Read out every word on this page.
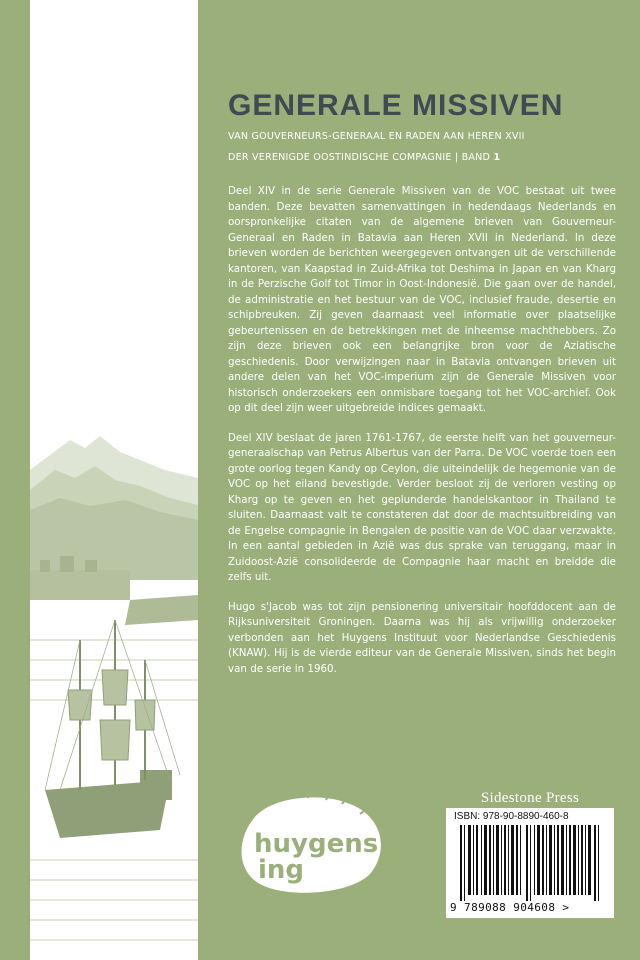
GENERALE MISSIVEN
VAN GOUVERNEURS-GENERAAL EN RADEN AAN HEREN XVII
DER VERENIGDE OOSTINDISCHE COMPAGNIE | BAND 1

Deel XIV in de serie Generale Missiven van de VOC bestaat uit twee banden. Deze bevatten samenvattingen in hedendaags Nederlands en oorspronkelijke citaten van de algemene brieven van Gouverneur-Generaal en Raden in Batavia aan Heren XVII in Nederland. In deze brieven worden de berichten weergegeven ontvangen uit de verschillende kantoren, van Kaapstad in Zuid-Afrika tot Deshima in Japan en van Kharg in de Perzische Golf tot Timor in Oost-Indonesië. Die gaan over de handel, de administratie en het bestuur van de VOC, inclusief fraude, desertie en schipbreuken. Zij geven daarnaast veel informatie over plaatselijke gebeurtenissen en de betrekkingen met de inheemse machthebbers. Zo zijn deze brieven ook een belangrijke bron voor de Aziatische geschiedenis. Door verwijzingen naar in Batavia ontvangen brieven uit andere delen van het VOC-imperium zijn de Generale Missiven voor historisch onderzoekers een onmisbare toegang tot het VOC-archief. Ook op dit deel zijn weer uitgebreide indices gemaakt.

Deel XIV beslaat de jaren 1761-1767, de eerste helft van het gouverneur-generaalschap van Petrus Albertus van der Parra. De VOC voerde toen een grote oorlog tegen Kandy op Ceylon, die uiteindelijk de hegemonie van de VOC op het eiland bevestigde. Verder besloot zij de verloren vesting op Kharg op te geven en het geplunderde handelskantoor in Thailand te sluiten. Daarnaast valt te constateren dat door de machtsuitbreiding van de Engelse compagnie in Bengalen de positie van de VOC daar verzwakte. In een aantal gebieden in Azië was dus sprake van teruggang, maar in Zuidoost-Azië consolideerde de Compagnie haar macht en breidde die zelfs uit.

Hugo s'Jacob was tot zijn pensionering universitair hoofddocent aan de Rijksuniversiteit Groningen. Daarna was hij als vrijwillig onderzoeker verbonden aan het Huygens Instituut voor Nederlandse Geschiedenis (KNAW). Hij is de vierde editeur van de Generale Missiven, sinds het begin van de serie in 1960.

huygens
ing
Sidestone Press
ISBN: 978-90-8890-460-8
9 789088 904608 >
